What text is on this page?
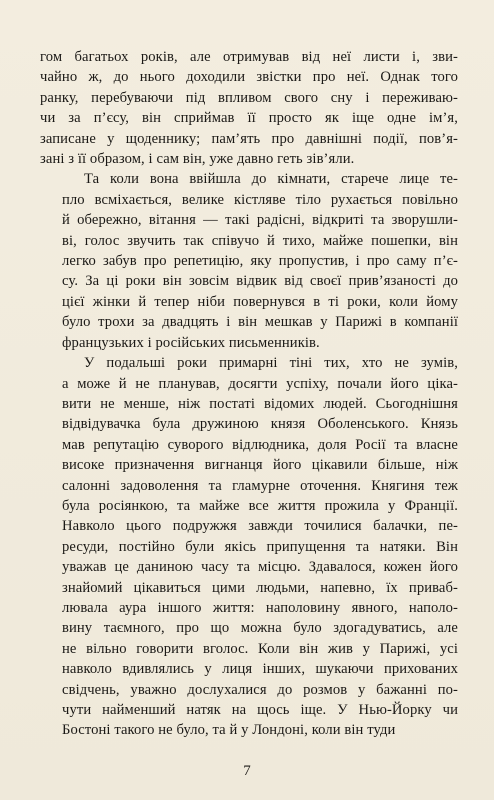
гом багатьох років, але отримував від неї листи і, зви-
чайно ж, до нього доходили звістки про неї. Однак того
ранку, перебуваючи під впливом свого сну і переживаю-
чи за п’єсу, він сприймав її просто як іще одне ім’я,
записане у щоденнику; пам’ять про давнішні події, пов’я-
зані з її образом, і сам він, уже давно геть зів’яли.
Та коли вона ввійшла до кімнати, старече лице те-
пло всміхається, велике кістляве тіло рухається повільно
й обережно, вітання — такі радісні, відкриті та зворушли-
ві, голос звучить так співучо й тихо, майже пошепки, він
легко забув про репетицію, яку пропустив, і про саму п’є-
су. За ці роки він зовсім відвик від своєї прив’язаності до
цієї жінки й тепер ніби повернувся в ті роки, коли йому
було трохи за двадцять і він мешкав у Парижі в компанії
французьких і російських письменників.
У подальші роки примарні тіні тих, хто не зумів,
а може й не планував, досягти успіху, почали його ціка-
вити не менше, ніж постаті відомих людей. Сьогоднішня
відвідувачка була дружиною князя Оболенського. Князь
мав репутацію суворого відлюдника, доля Росії та власне
високе призначення вигнанця його цікавили більше, ніж
салонні задоволення та гламурне оточення. Княгиня теж
була росіянкою, та майже все життя прожила у Франції.
Навколо цього подружжя завжди точилися балачки, пе-
ресуди, постійно були якісь припущення та натяки. Він
уважав це даниною часу та місцю. Здавалося, кожен його
знайомий цікавиться цими людьми, напевно, їх приваб-
лювала аура іншого життя: наполовину явного, наполо-
вину таємного, про що можна було здогадуватись, але
не вільно говорити вголос. Коли він жив у Парижі, усі
навколо вдивлялись у лиця інших, шукаючи прихованих
свідчень, уважно дослухалися до розмов у бажанні по-
чути найменший натяк на щось іще. У Нью-Йорку чи
Бостоні такого не було, та й у Лондоні, коли він туди
7
